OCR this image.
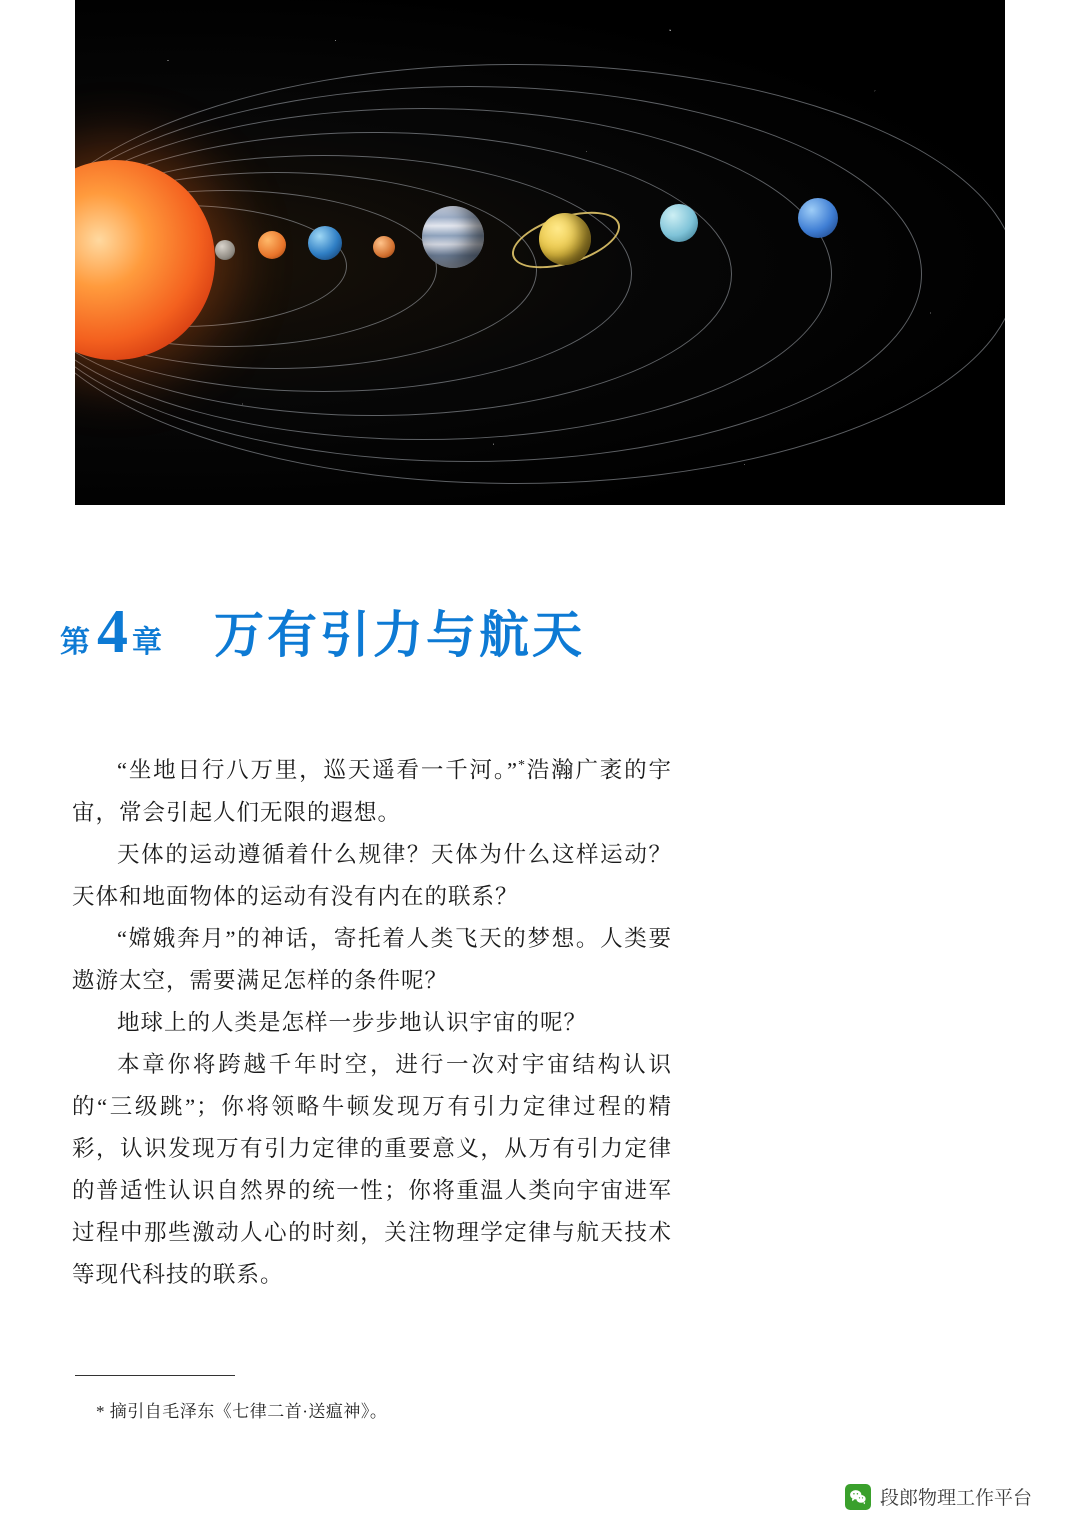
第 4 章 万有引力与航天

“坐地日行八万里，巡天遥看一千河。”*浩瀚广袤的宇宙，常会引起人们无限的遐想。

天体的运动遵循着什么规律？天体为什么这样运动？天体和地面物体的运动有没有内在的联系？

“嫦娥奔月”的神话，寄托着人类飞天的梦想。人类要遨游太空，需要满足怎样的条件呢？

地球上的人类是怎样一步步地认识宇宙的呢？

本章你将跨越千年时空，进行一次对宇宙结构认识的“三级跳”；你将领略牛顿发现万有引力定律过程的精彩，认识发现万有引力定律的重要意义，从万有引力定律的普适性认识自然界的统一性；你将重温人类向宇宙进军过程中那些激动人心的时刻，关注物理学定律与航天技术等现代科技的联系。

* 摘引自毛泽东《七律二首·送瘟神》。
段郎物理工作平台
